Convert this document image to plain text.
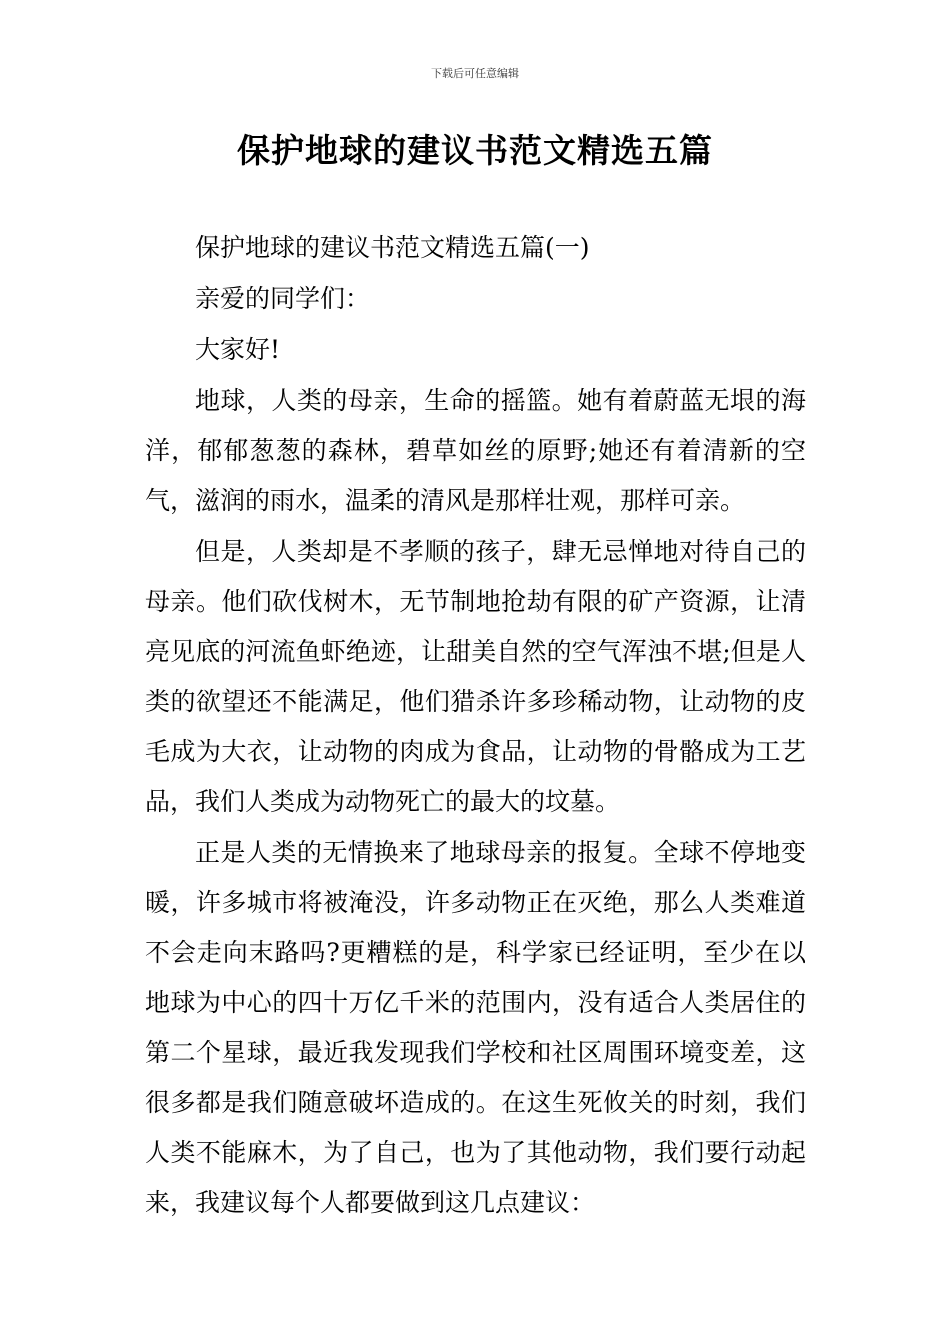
下载后可任意编辑
保护地球的建议书范文精选五篇

保护地球的建议书范文精选五篇(一)

亲爱的同学们：

大家好!

地球，人类的母亲，生命的摇篮。她有着蔚蓝无垠的海洋，郁郁葱葱的森林，碧草如丝的原野;她还有着清新的空气，滋润的雨水，温柔的清风是那样壮观，那样可亲。

但是，人类却是不孝顺的孩子，肆无忌惮地对待自己的母亲。他们砍伐树木，无节制地抢劫有限的矿产资源，让清亮见底的河流鱼虾绝迹，让甜美自然的空气浑浊不堪;但是人类的欲望还不能满足，他们猎杀许多珍稀动物，让动物的皮毛成为大衣，让动物的肉成为食品，让动物的骨骼成为工艺品，我们人类成为动物死亡的最大的坟墓。

正是人类的无情换来了地球母亲的报复。全球不停地变暖，许多城市将被淹没，许多动物正在灭绝，那么人类难道不会走向末路吗?更糟糕的是，科学家已经证明，至少在以地球为中心的四十万亿千米的范围内，没有适合人类居住的第二个星球，最近我发现我们学校和社区周围环境变差，这很多都是我们随意破坏造成的。在这生死攸关的时刻，我们人类不能麻木，为了自己，也为了其他动物，我们要行动起来，我建议每个人都要做到这几点建议：
